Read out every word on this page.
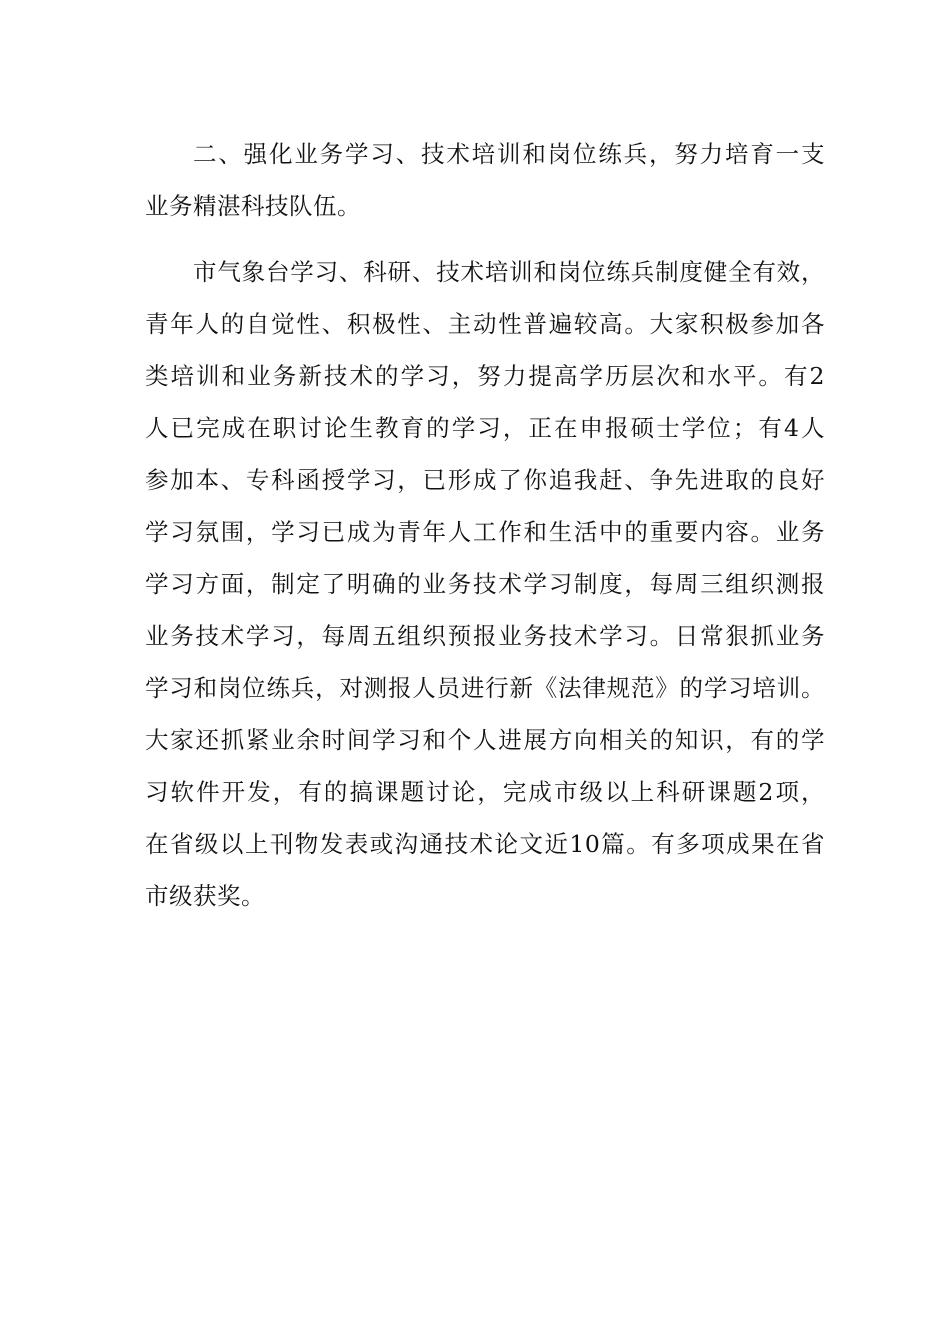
二、强化业务学习、技术培训和岗位练兵，努力培育一支
业务精湛科技队伍。
市气象台学习、科研、技术培训和岗位练兵制度健全有效，
青年人的自觉性、积极性、主动性普遍较高。大家积极参加各
类培训和业务新技术的学习，努力提高学历层次和水平。有2
人已完成在职讨论生教育的学习，正在申报硕士学位；有4人
参加本、专科函授学习，已形成了你追我赶、争先进取的良好
学习氛围，学习已成为青年人工作和生活中的重要内容。业务
学习方面，制定了明确的业务技术学习制度，每周三组织测报
业务技术学习，每周五组织预报业务技术学习。日常狠抓业务
学习和岗位练兵，对测报人员进行新《法律规范》的学习培训。
大家还抓紧业余时间学习和个人进展方向相关的知识，有的学
习软件开发，有的搞课题讨论，完成市级以上科研课题2项，
在省级以上刊物发表或沟通技术论文近10篇。有多项成果在省
市级获奖。
